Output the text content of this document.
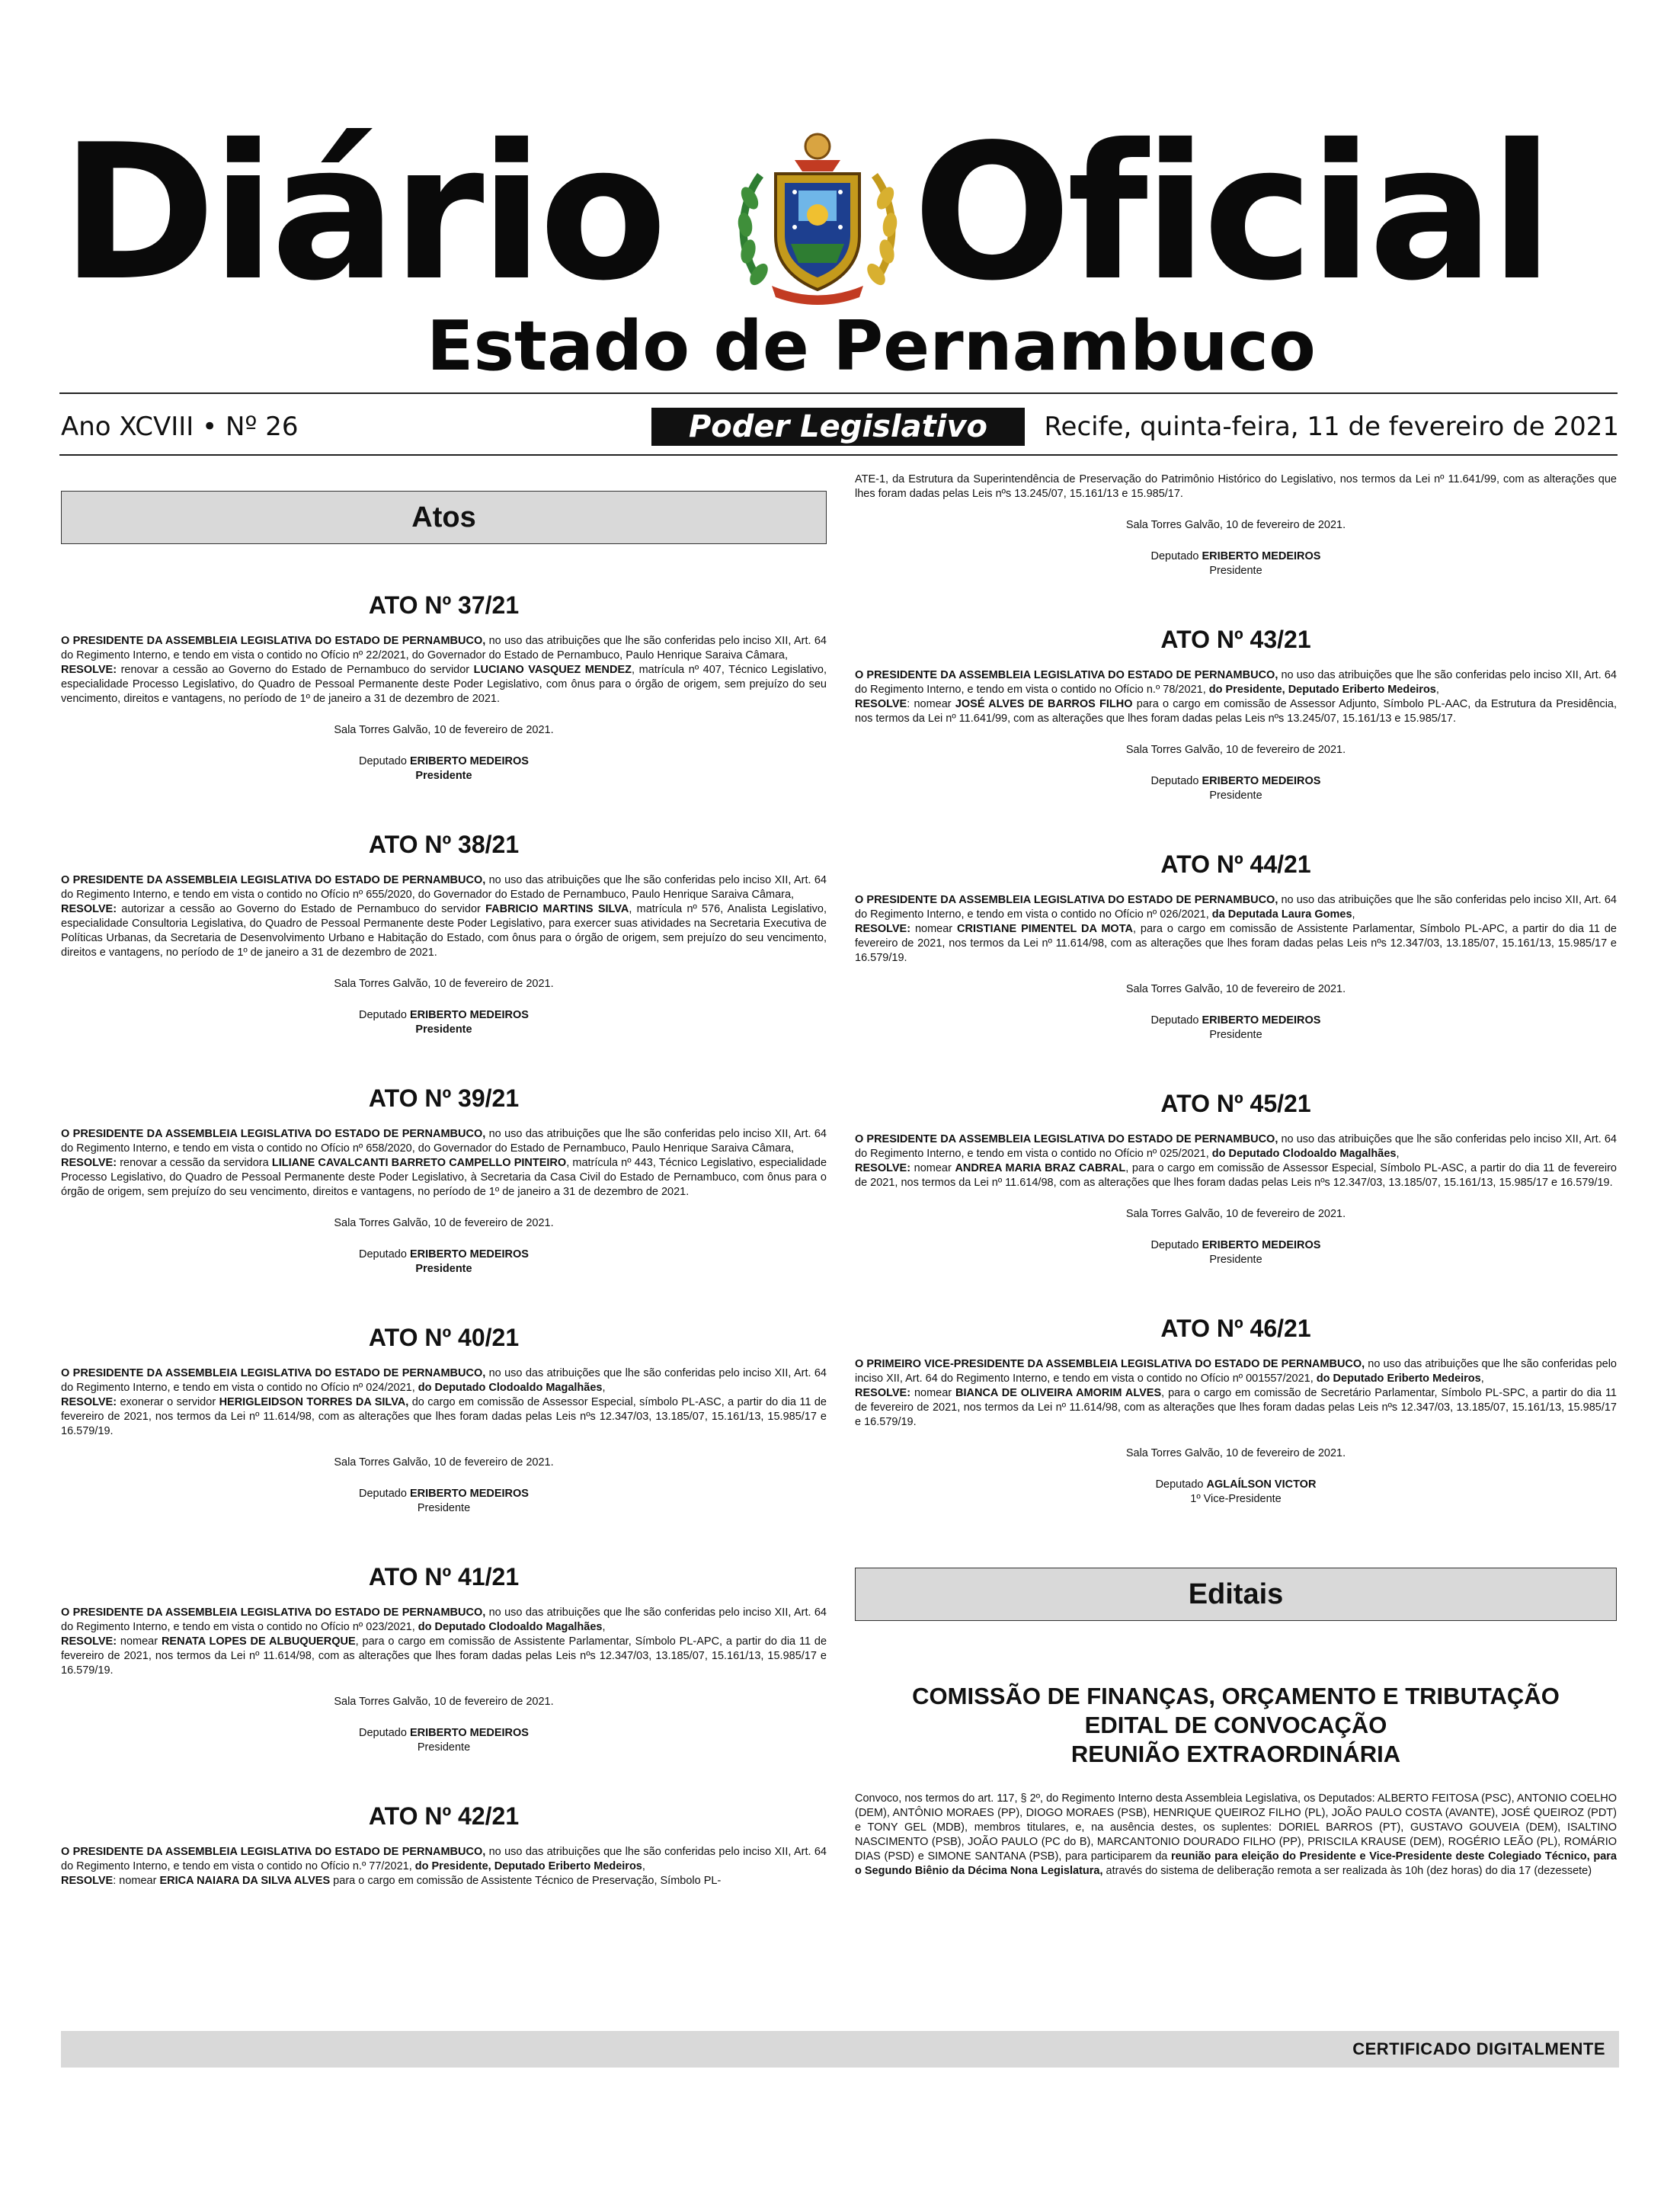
Diário Oficial
Estado de Pernambuco
Ano XCVIII • Nº 26	Poder Legislativo	Recife, quinta-feira, 11 de fevereiro de 2021
Atos
ATO Nº 37/21

O PRESIDENTE DA ASSEMBLEIA LEGISLATIVA DO ESTADO DE PERNAMBUCO, no uso das atribuições que lhe são conferidas pelo inciso XII, Art. 64 do Regimento Interno, e tendo em vista o contido no Ofício nº 22/2021, do Governador do Estado de Pernambuco, Paulo Henrique Saraiva Câmara,
RESOLVE: renovar a cessão ao Governo do Estado de Pernambuco do servidor LUCIANO VASQUEZ MENDEZ, matrícula nº 407, Técnico Legislativo, especialidade Processo Legislativo, do Quadro de Pessoal Permanente deste Poder Legislativo, com ônus para o órgão de origem, sem prejuízo do seu vencimento, direitos e vantagens, no período de 1º de janeiro a 31 de dezembro de 2021.

Sala Torres Galvão, 10 de fevereiro de 2021.

Deputado ERIBERTO MEDEIROS

Presidente

ATO Nº 38/21

O PRESIDENTE DA ASSEMBLEIA LEGISLATIVA DO ESTADO DE PERNAMBUCO, no uso das atribuições que lhe são conferidas pelo inciso XII, Art. 64 do Regimento Interno, e tendo em vista o contido no Ofício nº 655/2020, do Governador do Estado de Pernambuco, Paulo Henrique Saraiva Câmara,
RESOLVE: autorizar a cessão ao Governo do Estado de Pernambuco do servidor FABRICIO MARTINS SILVA, matrícula nº 576, Analista Legislativo, especialidade Consultoria Legislativa, do Quadro de Pessoal Permanente deste Poder Legislativo, para exercer suas atividades na Secretaria Executiva de Políticas Urbanas, da Secretaria de Desenvolvimento Urbano e Habitação do Estado, com ônus para o órgão de origem, sem prejuízo do seu vencimento, direitos e vantagens, no período de 1º de janeiro a 31 de dezembro de 2021.

Sala Torres Galvão, 10 de fevereiro de 2021.

Deputado ERIBERTO MEDEIROS

Presidente

ATO Nº 39/21

O PRESIDENTE DA ASSEMBLEIA LEGISLATIVA DO ESTADO DE PERNAMBUCO, no uso das atribuições que lhe são conferidas pelo inciso XII, Art. 64 do Regimento Interno, e tendo em vista o contido no Ofício nº 658/2020, do Governador do Estado de Pernambuco, Paulo Henrique Saraiva Câmara,
RESOLVE: renovar a cessão da servidora LILIANE CAVALCANTI BARRETO CAMPELLO PINTEIRO, matrícula nº 443, Técnico Legislativo, especialidade Processo Legislativo, do Quadro de Pessoal Permanente deste Poder Legislativo, à Secretaria da Casa Civil do Estado de Pernambuco, com ônus para o órgão de origem, sem prejuízo do seu vencimento, direitos e vantagens, no período de 1º de janeiro a 31 de dezembro de 2021.

Sala Torres Galvão, 10 de fevereiro de 2021.

Deputado ERIBERTO MEDEIROS

Presidente

ATO Nº 40/21

O PRESIDENTE DA ASSEMBLEIA LEGISLATIVA DO ESTADO DE PERNAMBUCO, no uso das atribuições que lhe são conferidas pelo inciso XII, Art. 64 do Regimento Interno, e tendo em vista o contido no Ofício nº 024/2021, do Deputado Clodoaldo Magalhães,
RESOLVE: exonerar o servidor HERIGLEIDSON TORRES DA SILVA, do cargo em comissão de Assessor Especial, símbolo PL-ASC, a partir do dia 11 de fevereiro de 2021, nos termos da Lei nº 11.614/98, com as alterações que lhes foram dadas pelas Leis nºs 12.347/03, 13.185/07, 15.161/13, 15.985/17 e 16.579/19.

Sala Torres Galvão, 10 de fevereiro de 2021.

Deputado ERIBERTO MEDEIROS

Presidente

ATO Nº 41/21

O PRESIDENTE DA ASSEMBLEIA LEGISLATIVA DO ESTADO DE PERNAMBUCO, no uso das atribuições que lhe são conferidas pelo inciso XII, Art. 64 do Regimento Interno, e tendo em vista o contido no Ofício nº 023/2021, do Deputado Clodoaldo Magalhães,
RESOLVE: nomear RENATA LOPES DE ALBUQUERQUE, para o cargo em comissão de Assistente Parlamentar, Símbolo PL-APC, a partir do dia 11 de fevereiro de 2021, nos termos da Lei nº 11.614/98, com as alterações que lhes foram dadas pelas Leis nºs 12.347/03, 13.185/07, 15.161/13, 15.985/17 e 16.579/19.

Sala Torres Galvão, 10 de fevereiro de 2021.

Deputado ERIBERTO MEDEIROS

Presidente

ATO Nº 42/21

O PRESIDENTE DA ASSEMBLEIA LEGISLATIVA DO ESTADO DE PERNAMBUCO, no uso das atribuições que lhe são conferidas pelo inciso XII, Art. 64 do Regimento Interno, e tendo em vista o contido no Ofício n.º 77/2021, do Presidente, Deputado Eriberto Medeiros,
RESOLVE: nomear ERICA NAIARA DA SILVA ALVES para o cargo em comissão de Assistente Técnico de Preservação, Símbolo PL-

ATE-1, da Estrutura da Superintendência de Preservação do Patrimônio Histórico do Legislativo, nos termos da Lei nº 11.641/99, com as alterações que lhes foram dadas pelas Leis nºs 13.245/07, 15.161/13 e 15.985/17.

Sala Torres Galvão, 10 de fevereiro de 2021.

Deputado ERIBERTO MEDEIROS

Presidente

ATO Nº 43/21

O PRESIDENTE DA ASSEMBLEIA LEGISLATIVA DO ESTADO DE PERNAMBUCO, no uso das atribuições que lhe são conferidas pelo inciso XII, Art. 64 do Regimento Interno, e tendo em vista o contido no Ofício n.º 78/2021, do Presidente, Deputado Eriberto Medeiros,
RESOLVE: nomear JOSÉ ALVES DE BARROS FILHO para o cargo em comissão de Assessor Adjunto, Símbolo PL-AAC, da Estrutura da Presidência, nos termos da Lei nº 11.641/99, com as alterações que lhes foram dadas pelas Leis nºs 13.245/07, 15.161/13 e 15.985/17.

Sala Torres Galvão, 10 de fevereiro de 2021.

Deputado ERIBERTO MEDEIROS

Presidente

ATO Nº 44/21

O PRESIDENTE DA ASSEMBLEIA LEGISLATIVA DO ESTADO DE PERNAMBUCO, no uso das atribuições que lhe são conferidas pelo inciso XII, Art. 64 do Regimento Interno, e tendo em vista o contido no Ofício nº 026/2021, da Deputada Laura Gomes,
RESOLVE: nomear CRISTIANE PIMENTEL DA MOTA, para o cargo em comissão de Assistente Parlamentar, Símbolo PL-APC, a partir do dia 11 de fevereiro de 2021, nos termos da Lei nº 11.614/98, com as alterações que lhes foram dadas pelas Leis nºs 12.347/03, 13.185/07, 15.161/13, 15.985/17 e 16.579/19.

Sala Torres Galvão, 10 de fevereiro de 2021.

Deputado ERIBERTO MEDEIROS

Presidente

ATO Nº 45/21

O PRESIDENTE DA ASSEMBLEIA LEGISLATIVA DO ESTADO DE PERNAMBUCO, no uso das atribuições que lhe são conferidas pelo inciso XII, Art. 64 do Regimento Interno, e tendo em vista o contido no Ofício nº 025/2021, do Deputado Clodoaldo Magalhães,
RESOLVE: nomear ANDREA MARIA BRAZ CABRAL, para o cargo em comissão de Assessor Especial, Símbolo PL-ASC, a partir do dia 11 de fevereiro de 2021, nos termos da Lei nº 11.614/98, com as alterações que lhes foram dadas pelas Leis nºs 12.347/03, 13.185/07, 15.161/13, 15.985/17 e 16.579/19.

Sala Torres Galvão, 10 de fevereiro de 2021.

Deputado ERIBERTO MEDEIROS

Presidente

ATO Nº 46/21

O PRIMEIRO VICE-PRESIDENTE DA ASSEMBLEIA LEGISLATIVA DO ESTADO DE PERNAMBUCO, no uso das atribuições que lhe são conferidas pelo inciso XII, Art. 64 do Regimento Interno, e tendo em vista o contido no Ofício nº 001557/2021, do Deputado Eriberto Medeiros,
RESOLVE: nomear BIANCA DE OLIVEIRA AMORIM ALVES, para o cargo em comissão de Secretário Parlamentar, Símbolo PL-SPC, a partir do dia 11 de fevereiro de 2021, nos termos da Lei nº 11.614/98, com as alterações que lhes foram dadas pelas Leis nºs 12.347/03, 13.185/07, 15.161/13, 15.985/17 e 16.579/19.

Sala Torres Galvão, 10 de fevereiro de 2021.

Deputado AGLAÍLSON VICTOR

1º Vice-Presidente

Editais
COMISSÃO DE FINANÇAS, ORÇAMENTO E TRIBUTAÇÃO
EDITAL DE CONVOCAÇÃO
REUNIÃO EXTRAORDINÁRIA

Convoco, nos termos do art. 117, § 2º, do Regimento Interno desta Assembleia Legislativa, os Deputados: ALBERTO FEITOSA (PSC), ANTONIO COELHO (DEM), ANTÔNIO MORAES (PP), DIOGO MORAES (PSB), HENRIQUE QUEIROZ FILHO (PL), JOÃO PAULO COSTA (AVANTE), JOSÉ QUEIROZ (PDT) e TONY GEL (MDB), membros titulares, e, na ausência destes, os suplentes: DORIEL BARROS (PT), GUSTAVO GOUVEIA (DEM), ISALTINO NASCIMENTO (PSB), JOÃO PAULO (PC do B), MARCANTONIO DOURADO FILHO (PP), PRISCILA KRAUSE (DEM), ROGÉRIO LEÃO (PL), ROMÁRIO DIAS (PSD) e SIMONE SANTANA (PSB), para participarem da reunião para eleição do Presidente e Vice-Presidente deste Colegiado Técnico, para o Segundo Biênio da Décima Nona Legislatura, através do sistema de deliberação remota a ser realizada às 10h (dez horas) do dia 17 (dezessete)

CERTIFICADO DIGITALMENTE
